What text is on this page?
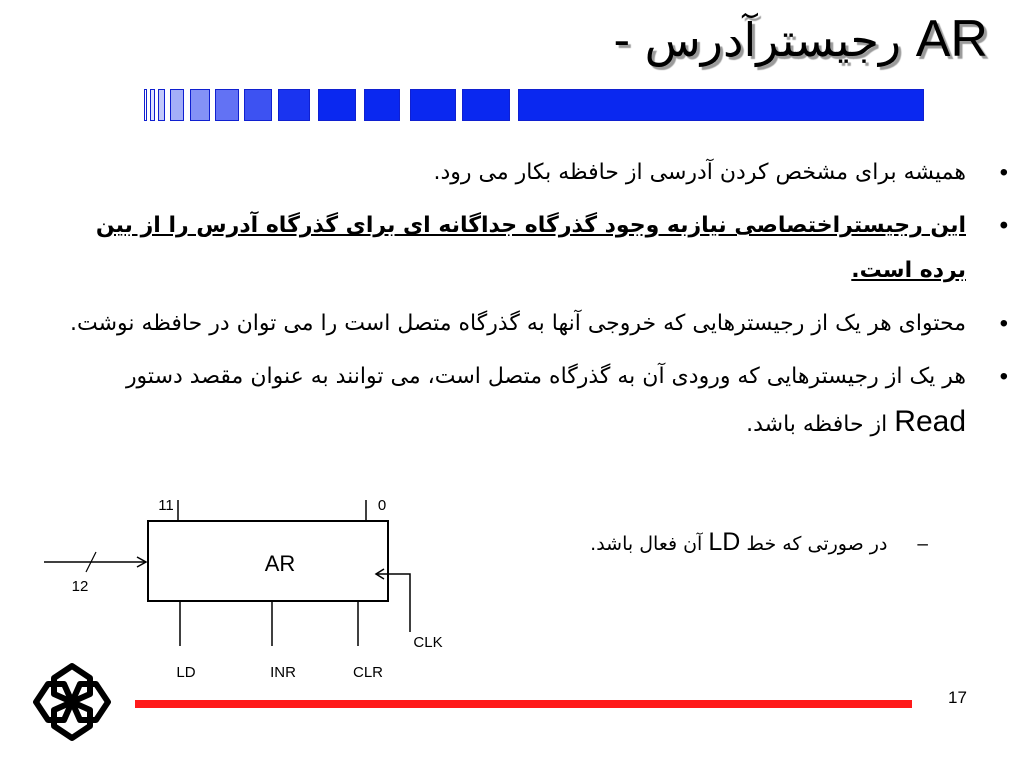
AR رجیسترآدرس -
•
همیشه برای مشخص کردن آدرسی از حافظه بکار می رود.
•
این رجیستراختصاصی نیازبه وجود گذرگاه جداگانه ای برای گذرگاه آدرس را از بین برده است.
•
محتوای هر یک از رجیسترهایی که خروجی آنها به گذرگاه متصل است را می توان در حافظه نوشت.
•
هر یک از رجیسترهایی که ورودی آن به گذرگاه متصل است، می توانند به عنوان مقصد دستور Read از حافظه باشد.
–در صورتی که خط LD آن فعال باشد.
AR
11	0
12
CLK
LD	INR	CLR
17
